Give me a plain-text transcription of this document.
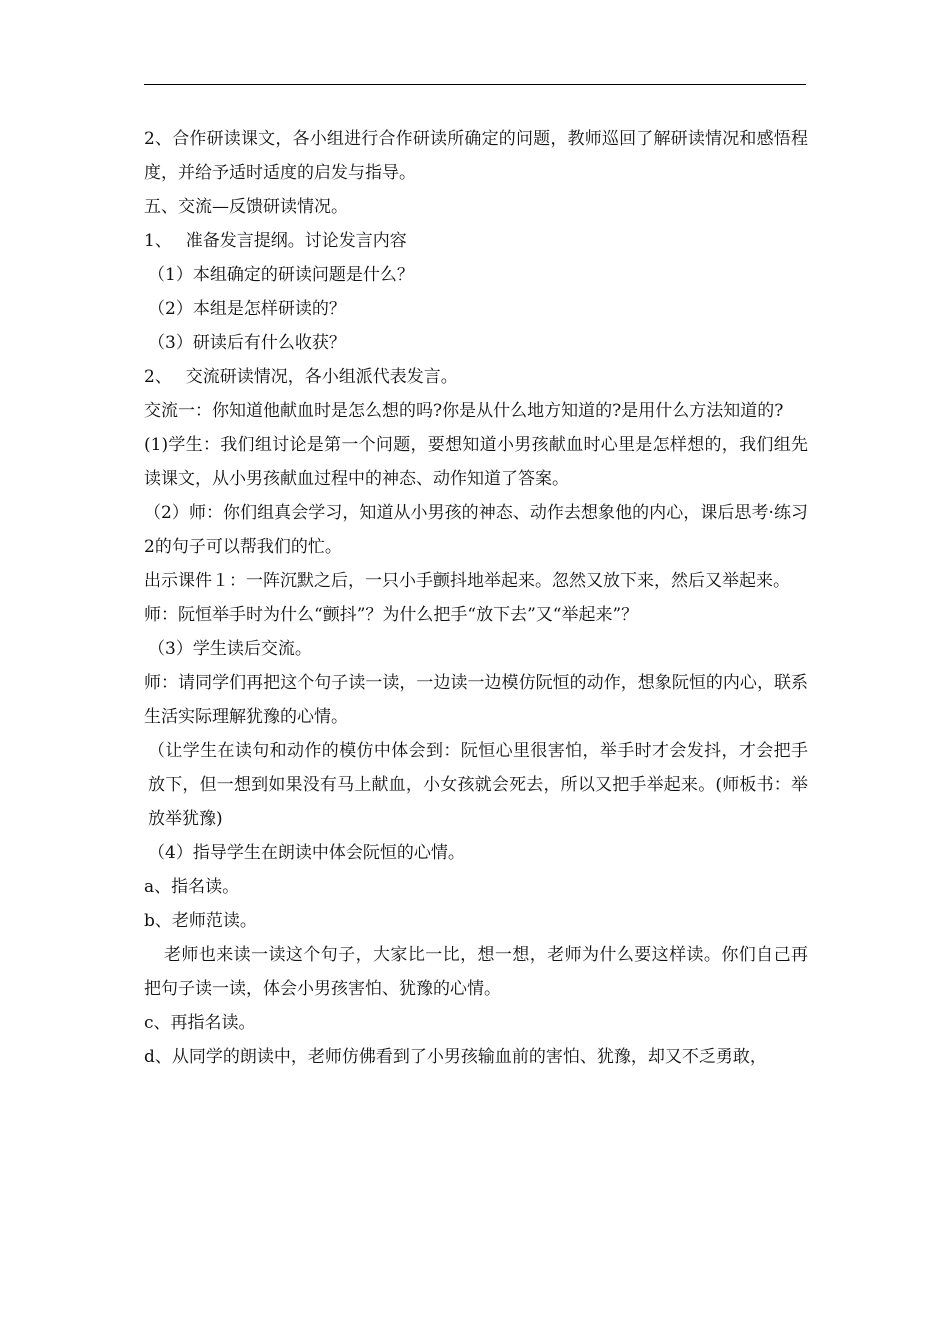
2、合作研读课文，各小组进行合作研读所确定的问题，教师巡回了解研读情况和感悟程度，并给予适时适度的启发与指导。

五、交流—反馈研读情况。

1、　 准备发言提纲。讨论发言内容

（1）本组确定的研读问题是什么？

（2）本组是怎样研读的？

（3）研读后有什么收获？

2、　 交流研读情况，各小组派代表发言。

交流一：你知道他献血时是怎么想的吗?你是从什么地方知道的?是用什么方法知道的?

(1)学生：我们组讨论是第一个问题，要想知道小男孩献血时心里是怎样想的，我们组先读课文，从小男孩献血过程中的神态、动作知道了答案。

（2）师：你们组真会学习，知道从小男孩的神态、动作去想象他的内心，课后思考·练习2的句子可以帮我们的忙。

出示课件１：一阵沉默之后，一只小手颤抖地举起来。忽然又放下来，然后又举起来。

师：阮恒举手时为什么“颤抖”？为什么把手“放下去”又“举起来”？

（3）学生读后交流。

师：请同学们再把这个句子读一读，一边读一边模仿阮恒的动作，想象阮恒的内心，联系生活实际理解犹豫的心情。

（让学生在读句和动作的模仿中体会到：阮恒心里很害怕，举手时才会发抖，才会把手放下，但一想到如果没有马上献血，小女孩就会死去，所以又把手举起来。(师板书：举放举犹豫)

（4）指导学生在朗读中体会阮恒的心情。

a、指名读。

b、老师范读。

老师也来读一读这个句子，大家比一比，想一想，老师为什么要这样读。你们自己再把句子读一读，体会小男孩害怕、犹豫的心情。

c、再指名读。

d、从同学的朗读中，老师仿佛看到了小男孩输血前的害怕、犹豫，却又不乏勇敢，
